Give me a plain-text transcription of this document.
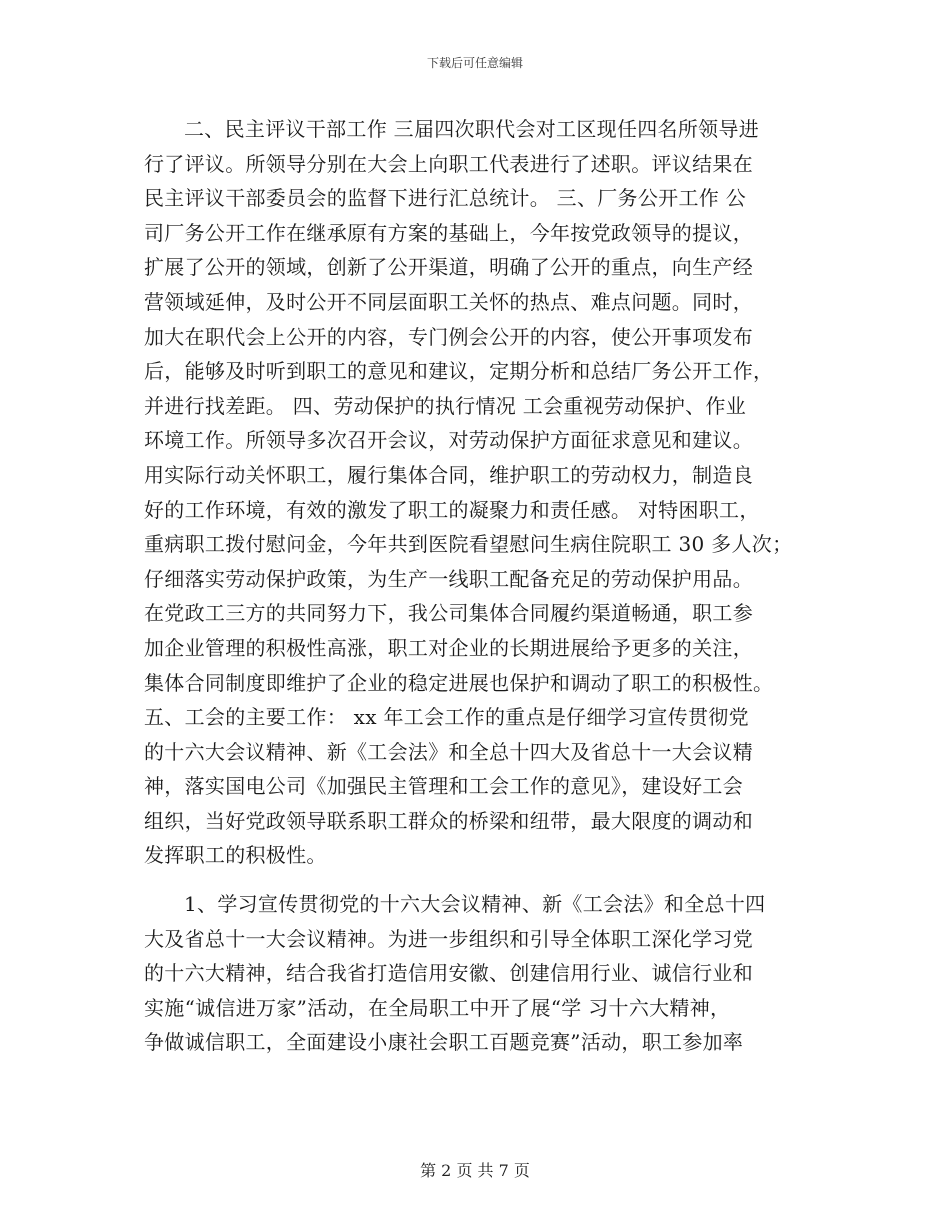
下载后可任意编辑
二、民主评议干部工作 三届四次职代会对工区现任四名所领导进
行了评议。所领导分别在大会上向职工代表进行了述职。评议结果在
民主评议干部委员会的监督下进行汇总统计。 三、厂务公开工作 公
司厂务公开工作在继承原有方案的基础上，今年按党政领导的提议，
扩展了公开的领域，创新了公开渠道，明确了公开的重点，向生产经
营领域延伸，及时公开不同层面职工关怀的热点、难点问题。同时，
加大在职代会上公开的内容，专门例会公开的内容，使公开事项发布
后，能够及时听到职工的意见和建议，定期分析和总结厂务公开工作，
并进行找差距。 四、劳动保护的执行情况 工会重视劳动保护、作业
环境工作。所领导多次召开会议，对劳动保护方面征求意见和建议。
用实际行动关怀职工，履行集体合同，维护职工的劳动权力，制造良
好的工作环境，有效的激发了职工的凝聚力和责任感。 对特困职工，
重病职工拨付慰问金，今年共到医院看望慰问生病住院职工 30 多人次；
仔细落实劳动保护政策，为生产一线职工配备充足的劳动保护用品。
在党政工三方的共同努力下，我公司集体合同履约渠道畅通，职工参
加企业管理的积极性高涨，职工对企业的长期进展给予更多的关注，
集体合同制度即维护了企业的稳定进展也保护和调动了职工的积极性。
五、工会的主要工作： xx 年工会工作的重点是仔细学习宣传贯彻党
的十六大会议精神、新《工会法》和全总十四大及省总十一大会议精
神，落实国电公司《加强民主管理和工会工作的意见》，建设好工会
组织，当好党政领导联系职工群众的桥梁和纽带，最大限度的调动和
发挥职工的积极性。
1、学习宣传贯彻党的十六大会议精神、新《工会法》和全总十四
大及省总十一大会议精神。为进一步组织和引导全体职工深化学习党
的十六大精神，结合我省打造信用安徽、创建信用行业、诚信行业和
实施“诚信进万家”活动，在全局职工中开了展“学 习十六大精神，
争做诚信职工，全面建设小康社会职工百题竞赛”活动，职工参加率
第 2 页 共 7 页
